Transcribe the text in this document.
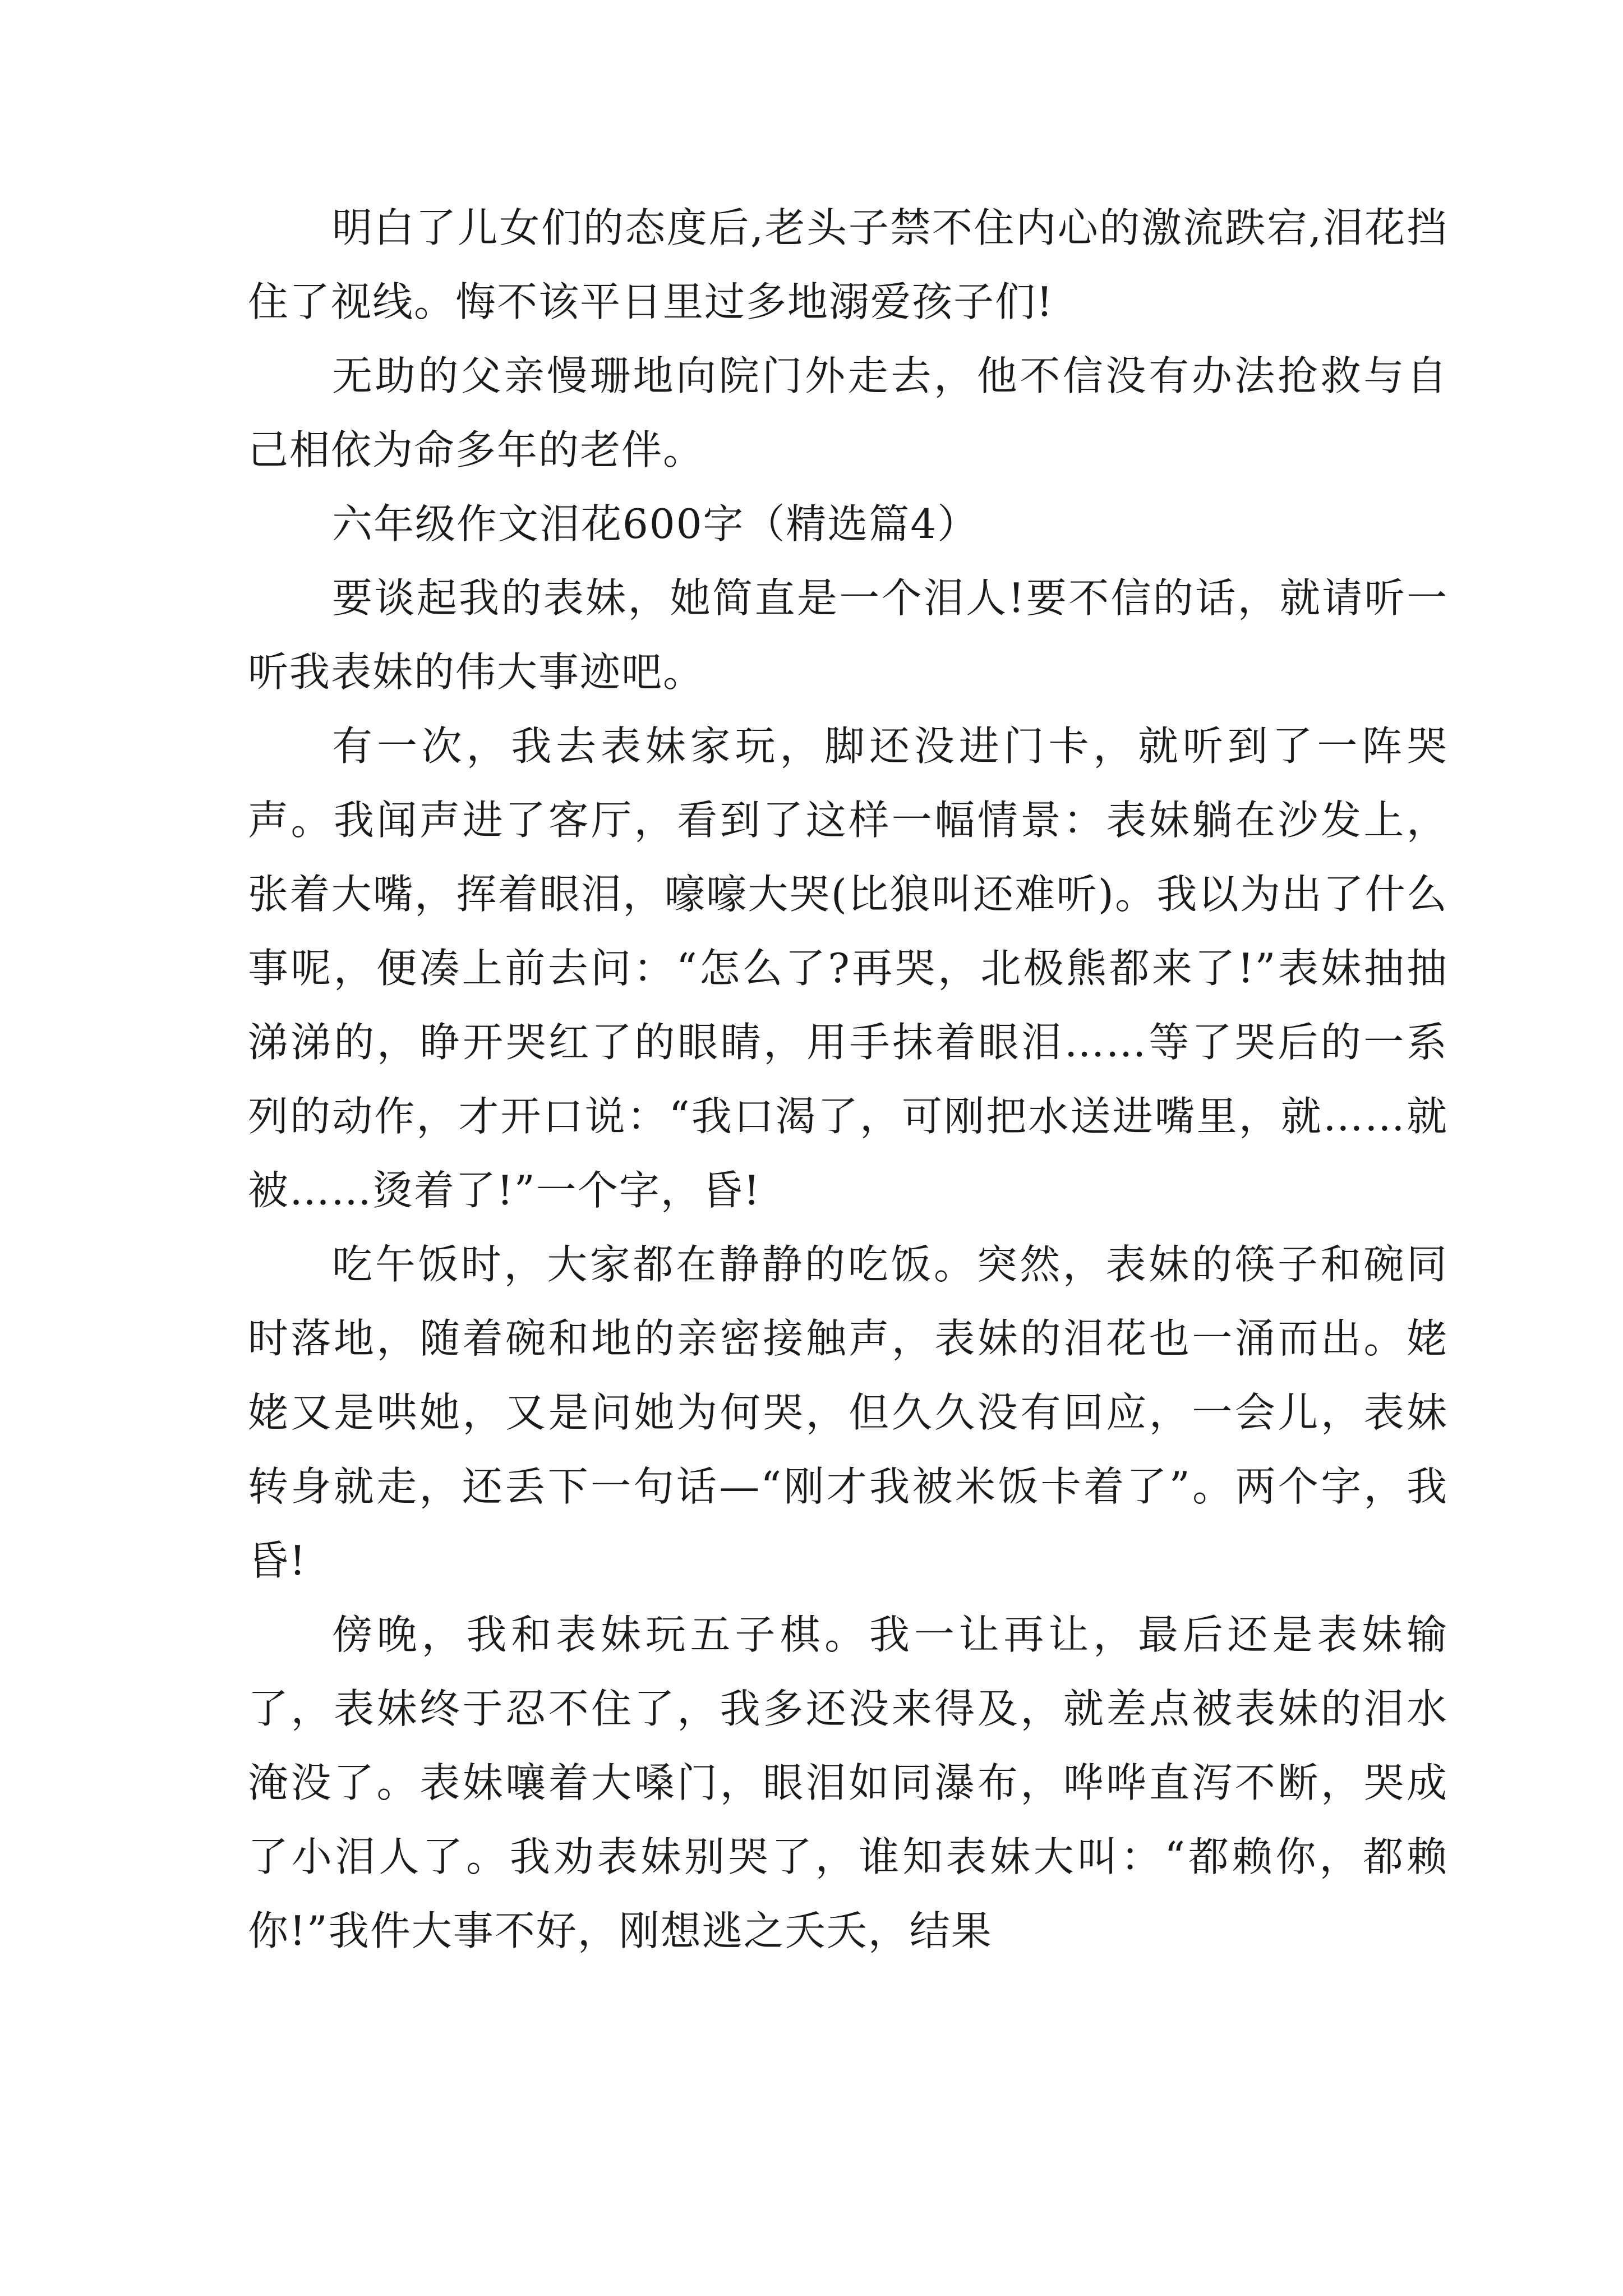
明白了儿女们的态度后,老头子禁不住内心的激流跌宕,泪花挡住了视线。悔不该平日里过多地溺爱孩子们!

无助的父亲慢珊地向院门外走去，他不信没有办法抢救与自己相依为命多年的老伴。

六年级作文泪花600字（精选篇4）

要谈起我的表妹，她简直是一个泪人!要不信的话，就请听一听我表妹的伟大事迹吧。

有一次，我去表妹家玩，脚还没进门卡，就听到了一阵哭声。我闻声进了客厅，看到了这样一幅情景：表妹躺在沙发上，张着大嘴，挥着眼泪，嚎嚎大哭(比狼叫还难听)。我以为出了什么事呢，便凑上前去问：“怎么了?再哭，北极熊都来了!”表妹抽抽涕涕的，睁开哭红了的眼睛，用手抹着眼泪……等了哭后的一系列的动作，才开口说：“我口渴了，可刚把水送进嘴里，就……就被……烫着了!”一个字，昏!

吃午饭时，大家都在静静的吃饭。突然，表妹的筷子和碗同时落地，随着碗和地的亲密接触声，表妹的泪花也一涌而出。姥姥又是哄她，又是问她为何哭，但久久没有回应，一会儿，表妹转身就走，还丢下一句话—“刚才我被米饭卡着了”。两个字，我昏!

傍晚，我和表妹玩五子棋。我一让再让，最后还是表妹输了，表妹终于忍不住了，我多还没来得及，就差点被表妹的泪水淹没了。表妹嚷着大嗓门，眼泪如同瀑布，哗哗直泻不断，哭成了小泪人了。我劝表妹别哭了，谁知表妹大叫：“都赖你，都赖你!”我件大事不好，刚想逃之夭夭，结果
